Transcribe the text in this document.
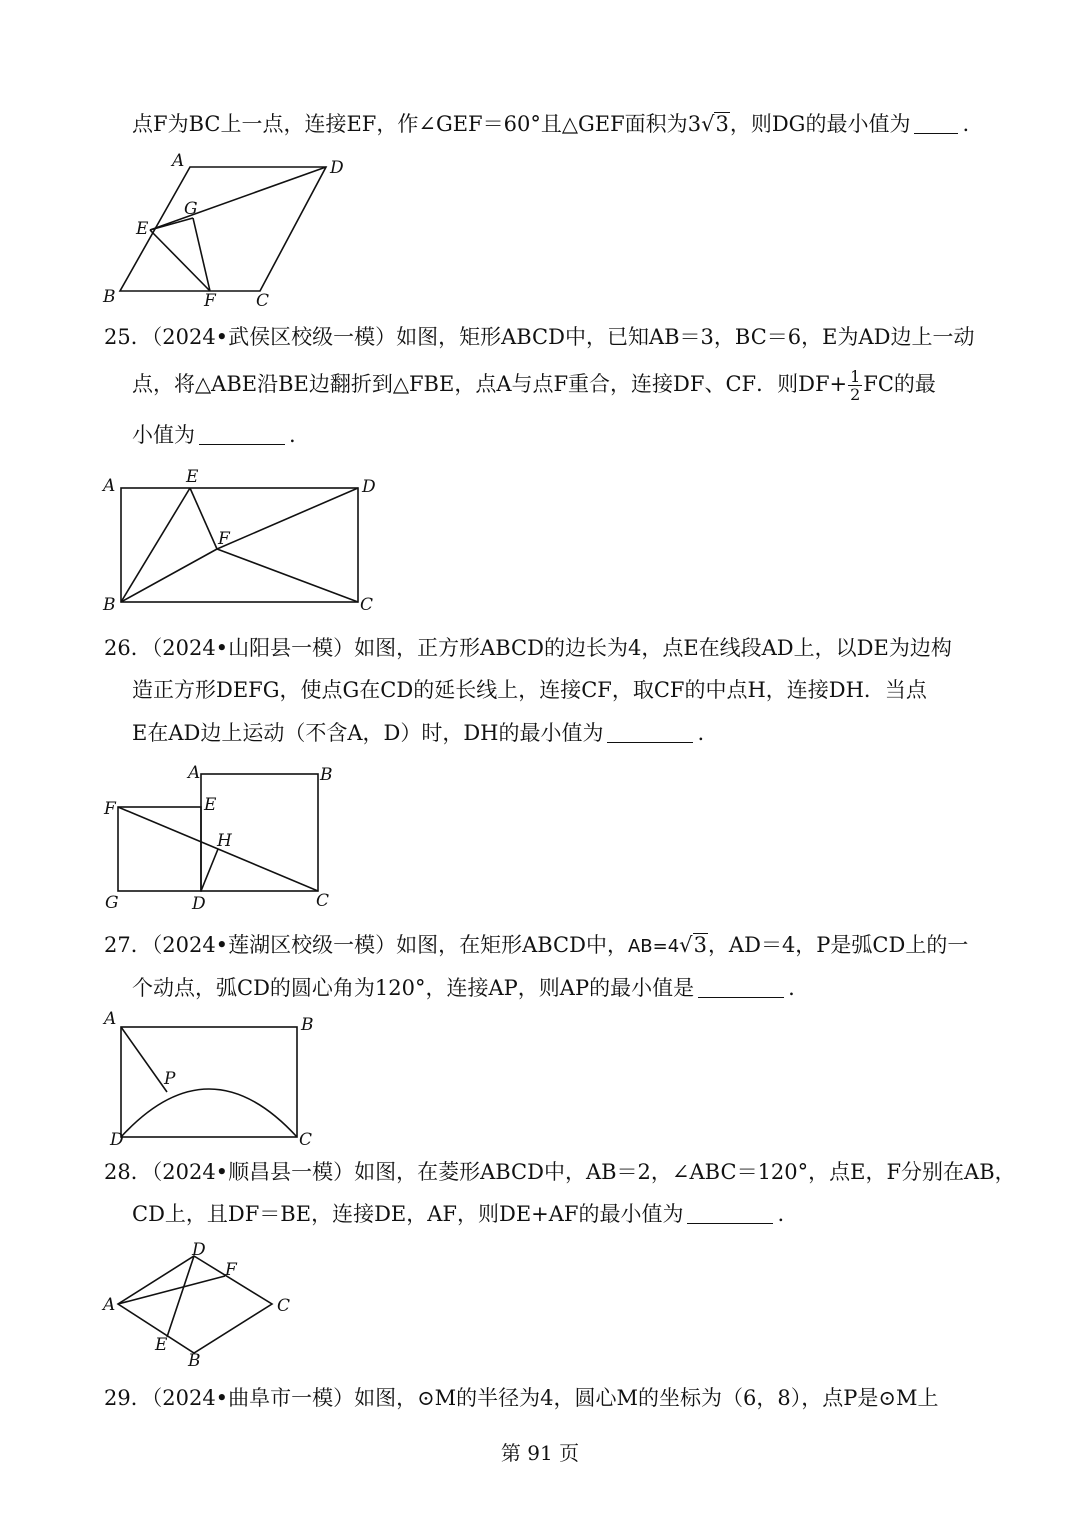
点F为BC上一点，连接EF，作∠GEF＝60°且△GEF面积为3√3，则DG的最小值为 .
A	D
G
E
B	F C
25．（2024•武侯区校级一模）如图，矩形ABCD中，已知AB＝3，BC＝6，E为AD边上一动
点，将△ABE沿BE边翻折到△FBE，点A与点F重合，连接DF、CF．则$DF+ \frac{1}{2}$ FC的最
小值为	.
A	E	D
F
B	C
26．（2024•山阳县一模）如图，正方形ABCD的边长为4，点E在线段AD上，以DE为边构
造正方形DEFG，使点G在CD的延长线上，连接CF，取CF的中点H，连接DH．当点
E在AD边上运动（不含A，D）时，DH的最小值为	.
A	B
F	E
H
G	D	C
27．（2024•莲湖区校级一模）如图，在矩形ABCD中，AB=4√3，AD＝4，P是弧CD上的一
个动点，弧CD的圆心角为120°，连接AP，则AP的最小值是	.
A	B
P
D	C
28．（2024•顺昌县一模）如图，在菱形ABCD中，AB＝2，∠ABC＝120°，点E，F分别在AB，
CD上，且DF＝BE，连接DE，AF，则DE+AF的最小值为	.
D
F
A	C
E
B
29．（2024•曲阜市一模）如图，⊙M的半径为4，圆心M的坐标为（6，8），点P是⊙M上
第 91 页
